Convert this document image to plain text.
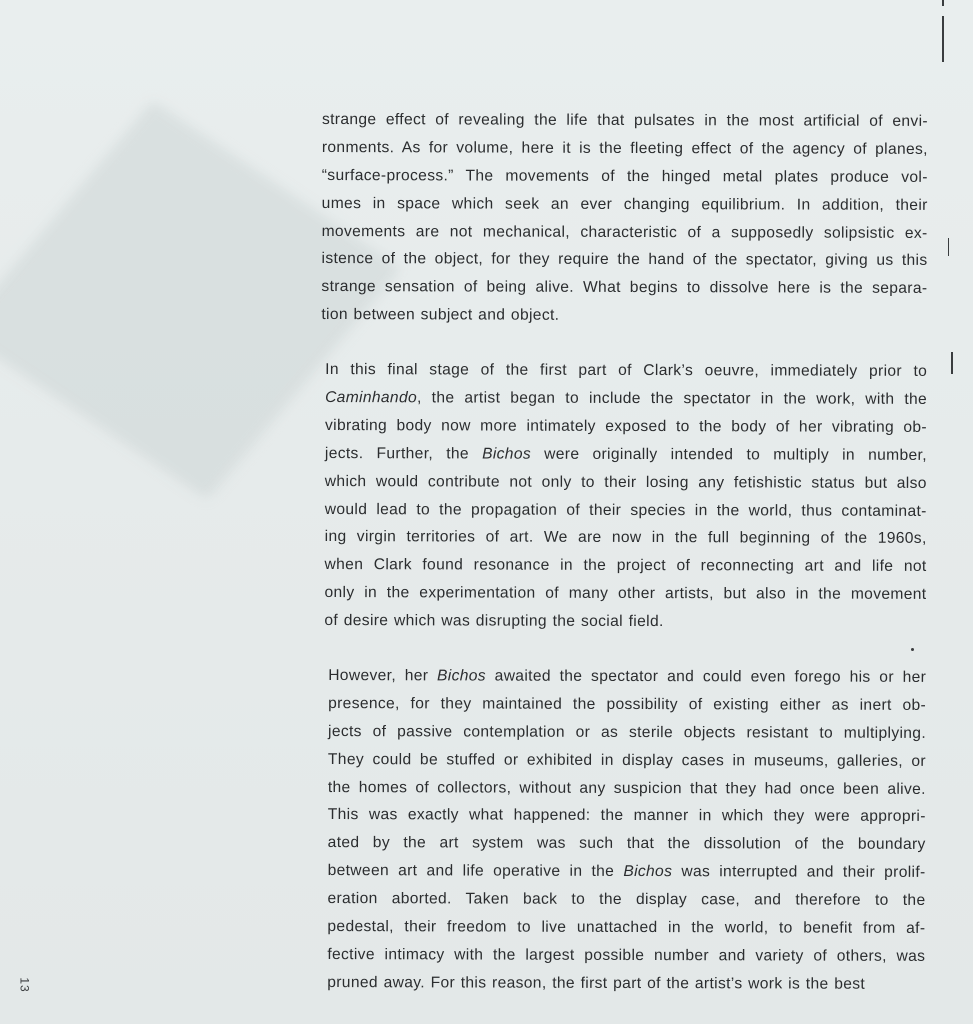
strange effect of revealing the life that pulsates in the most artificial of envi-
ronments. As for volume, here it is the fleeting effect of the agency of planes,
“surface-process.” The movements of the hinged metal plates produce vol-
umes in space which seek an ever changing equilibrium. In addition, their
movements are not mechanical, characteristic of a supposedly solipsistic ex-
istence of the object, for they require the hand of the spectator, giving us this
strange sensation of being alive. What begins to dissolve here is the separa-
tion between subject and object.
In this final stage of the first part of Clark’s oeuvre, immediately prior to
Caminhando, the artist began to include the spectator in the work, with the
vibrating body now more intimately exposed to the body of her vibrating ob-
jects. Further, the Bichos were originally intended to multiply in number,
which would contribute not only to their losing any fetishistic status but also
would lead to the propagation of their species in the world, thus contaminat-
ing virgin territories of art. We are now in the full beginning of the 1960s,
when Clark found resonance in the project of reconnecting art and life not
only in the experimentation of many other artists, but also in the movement
of desire which was disrupting the social field.
However, her Bichos awaited the spectator and could even forego his or her
presence, for they maintained the possibility of existing either as inert ob-
jects of passive contemplation or as sterile objects resistant to multiplying.
They could be stuffed or exhibited in display cases in museums, galleries, or
the homes of collectors, without any suspicion that they had once been alive.
This was exactly what happened: the manner in which they were appropri-
ated by the art system was such that the dissolution of the boundary
between art and life operative in the Bichos was interrupted and their prolif-
eration aborted. Taken back to the display case, and therefore to the
pedestal, their freedom to live unattached in the world, to benefit from af-
fective intimacy with the largest possible number and variety of others, was
pruned away. For this reason, the first part of the artist’s work is the best
13
